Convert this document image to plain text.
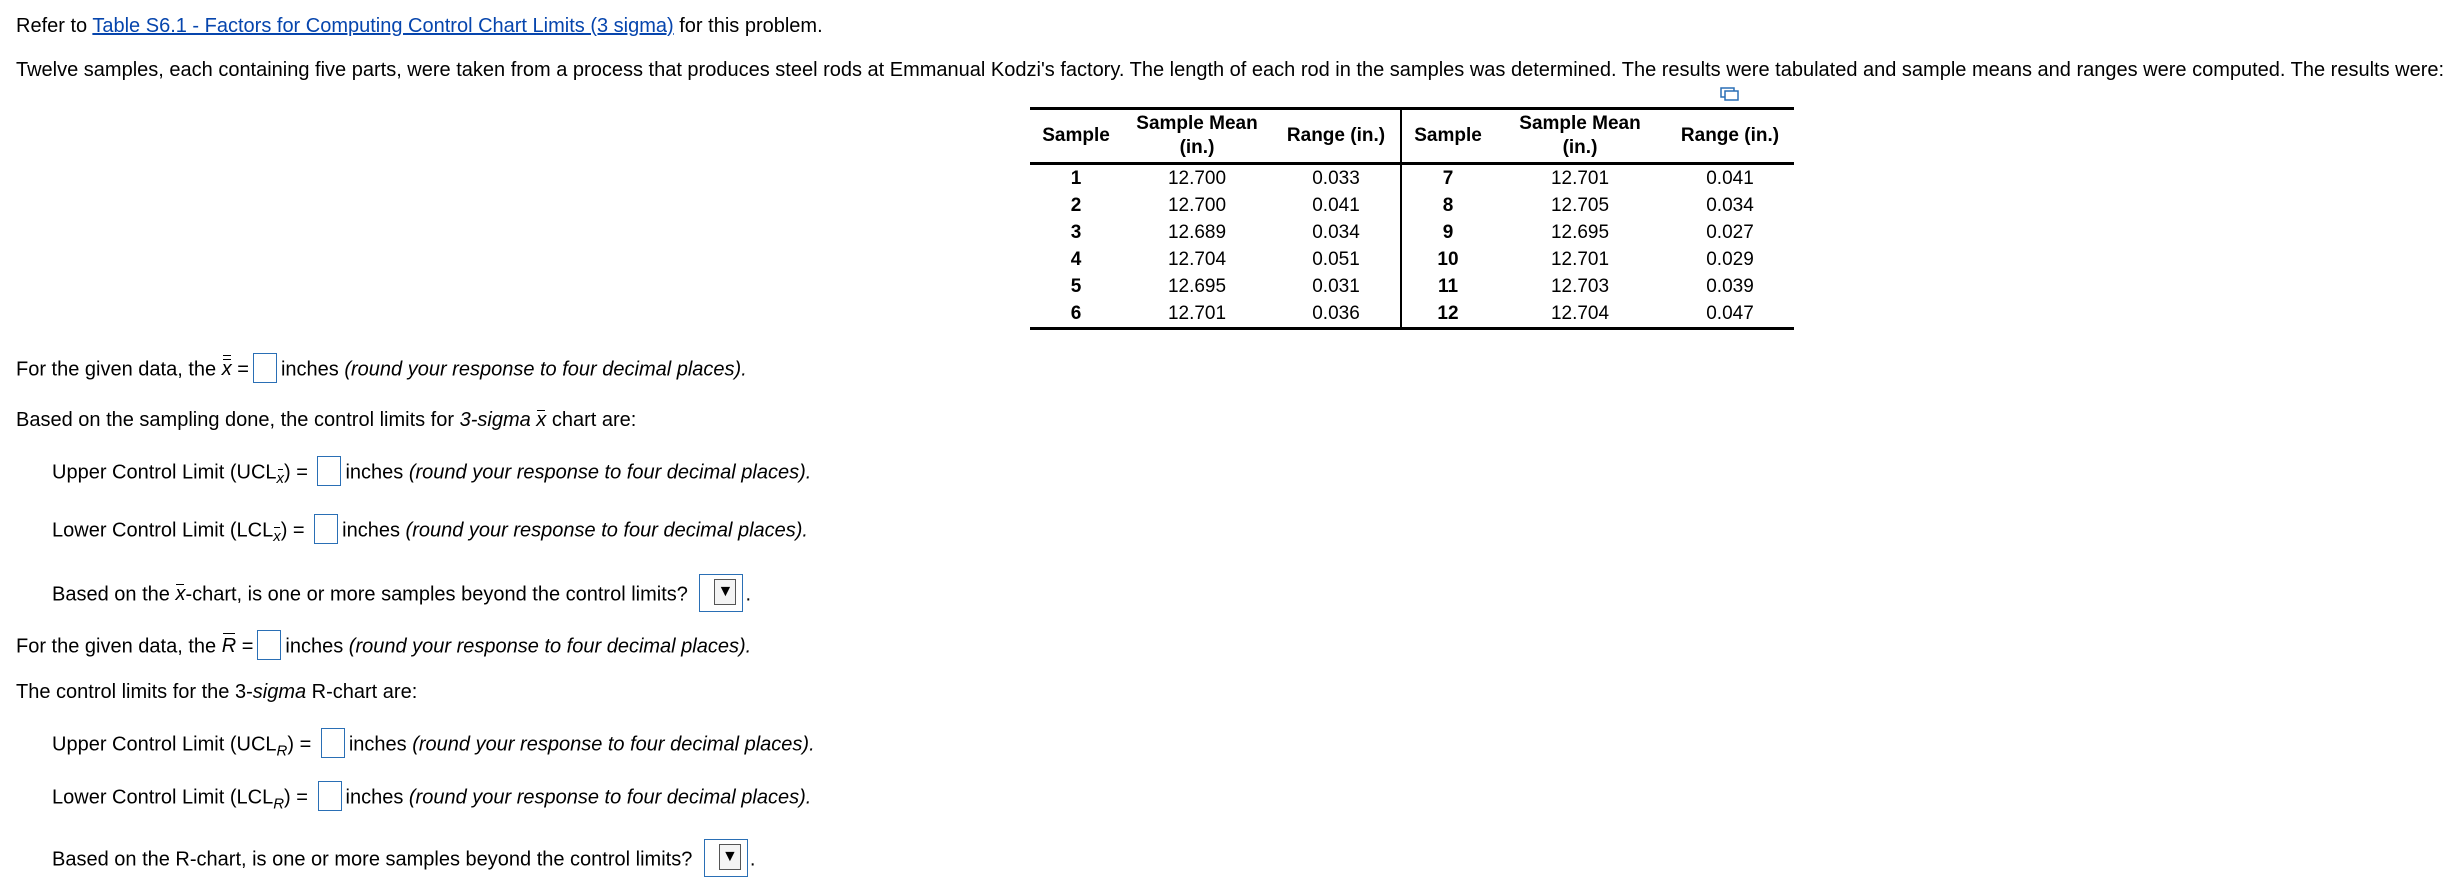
Refer to Table S6.1 - Factors for Computing Control Chart Limits (3 sigma) for this problem.
Twelve samples, each containing five parts, were taken from a process that produces steel rods at Emmanual Kodzi's factory. The length of each rod in the samples was determined. The results were tabulated and sample means and ranges were computed. The results were:
Sample	Sample Mean (in.)	Range (in.)	Sample	Sample Mean (in.)	Range (in.)
1	12.700	0.033	7	12.701	0.041
2	12.700	0.041	8	12.705	0.034
3	12.689	0.034	9	12.695	0.027
4	12.704	0.051	10	12.701	0.029
5	12.695	0.031	11	12.703	0.039
6	12.701	0.036	12	12.704	0.047
For the given data, the x = inches (round your response to four decimal places).
Based on the sampling done, the control limits for 3-sigma x chart are:
Upper Control Limit (UCL
$_x$) = inches (round your response to four decimal places).
Lower Control Limit (LCL
$_x$) = inches (round your response to four decimal places).
Based on the x-chart, is one or more samples beyond the control limits? ▼ .
For the given data, the R = inches (round your response to four decimal places).
The control limits for the 3-sigma R-chart are:
Upper Control Limit $(UCL_R)$ = inches (round your response to four decimal places).
Lower Control Limit $(LCL_R)$ = inches (round your response to four decimal places).
Based on the R-chart, is one or more samples beyond the control limits? ▼ .
